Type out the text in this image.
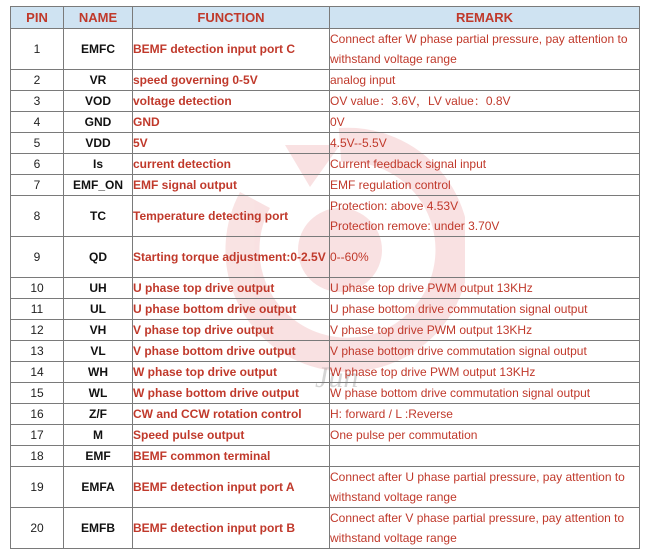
Jun
PIN	NAME	FUNCTION	REMARK
1	EMFC	BEMF detection input port C	Connect after W phase partial pressure, pay attention to withstand voltage range
2	VR	speed governing 0-5V	analog input
3	VOD	voltage detection	OV value：3.6V，LV value：0.8V
4	GND	GND	0V
5	VDD	5V	4.5V--5.5V
6	Is	current detection	Current feedback signal input
7	EMF_ON	EMF signal output	EMF regulation control
8	TC	Temperature detecting port	Protection: above 4.53V
Protection remove: under 3.70V
9	QD	Starting torque adjustment:0-2.5V	0--60%
10	UH	U phase top drive output	U phase top drive PWM output 13KHz
11	UL	U phase bottom drive output	U phase bottom drive commutation signal output
12	VH	V phase top drive output	V phase top drive PWM output 13KHz
13	VL	V phase bottom drive output	V phase bottom drive commutation signal output
14	WH	W phase top drive output	W phase top drive PWM output 13KHz
15	WL	W phase bottom drive output	W phase bottom drive commutation signal output
16	Z/F	CW and CCW rotation control	H: forward / L :Reverse
17	M	Speed pulse output	One pulse per commutation
18	EMF	BEMF common terminal	
19	EMFA	BEMF detection input port A	Connect after U phase partial pressure, pay attention to withstand voltage range
20	EMFB	BEMF detection input port B	Connect after V phase partial pressure, pay attention to withstand voltage range
